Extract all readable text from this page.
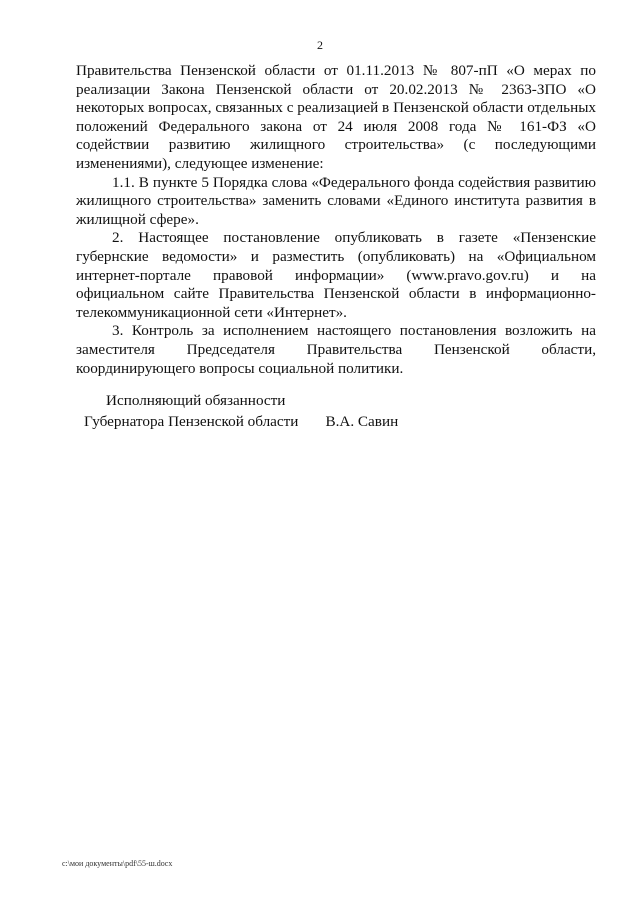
2

Правительства Пензенской области от 01.11.2013 № 807-пП «О мерах по реализации Закона Пензенской области от 20.02.2013 № 2363-ЗПО «О некоторых вопросах, связанных с реализацией в Пензенской области отдельных положений Федерального закона от 24 июля 2008 года № 161-ФЗ «О содействии развитию жилищного строительства» (с последующими изменениями), следующее изменение:

1.1. В пункте 5 Порядка слова «Федерального фонда содействия развитию жилищного строительства» заменить словами «Единого института развития в жилищной сфере».

2. Настоящее постановление опубликовать в газете «Пензенские губернские ведомости» и разместить (опубликовать) на «Официальном интернет-портале правовой информации» (www.pravo.gov.ru) и на официальном сайте Правительства Пензенской области в информационно-телекоммуникационной сети «Интернет».

3. Контроль за исполнением настоящего постановления возложить на заместителя Председателя Правительства Пензенской области, координирующего вопросы социальной политики.

Исполняющий обязанности
Губернатора Пензенской области В.А. Савин
c:\мои документы\pdf\55-ш.docx
